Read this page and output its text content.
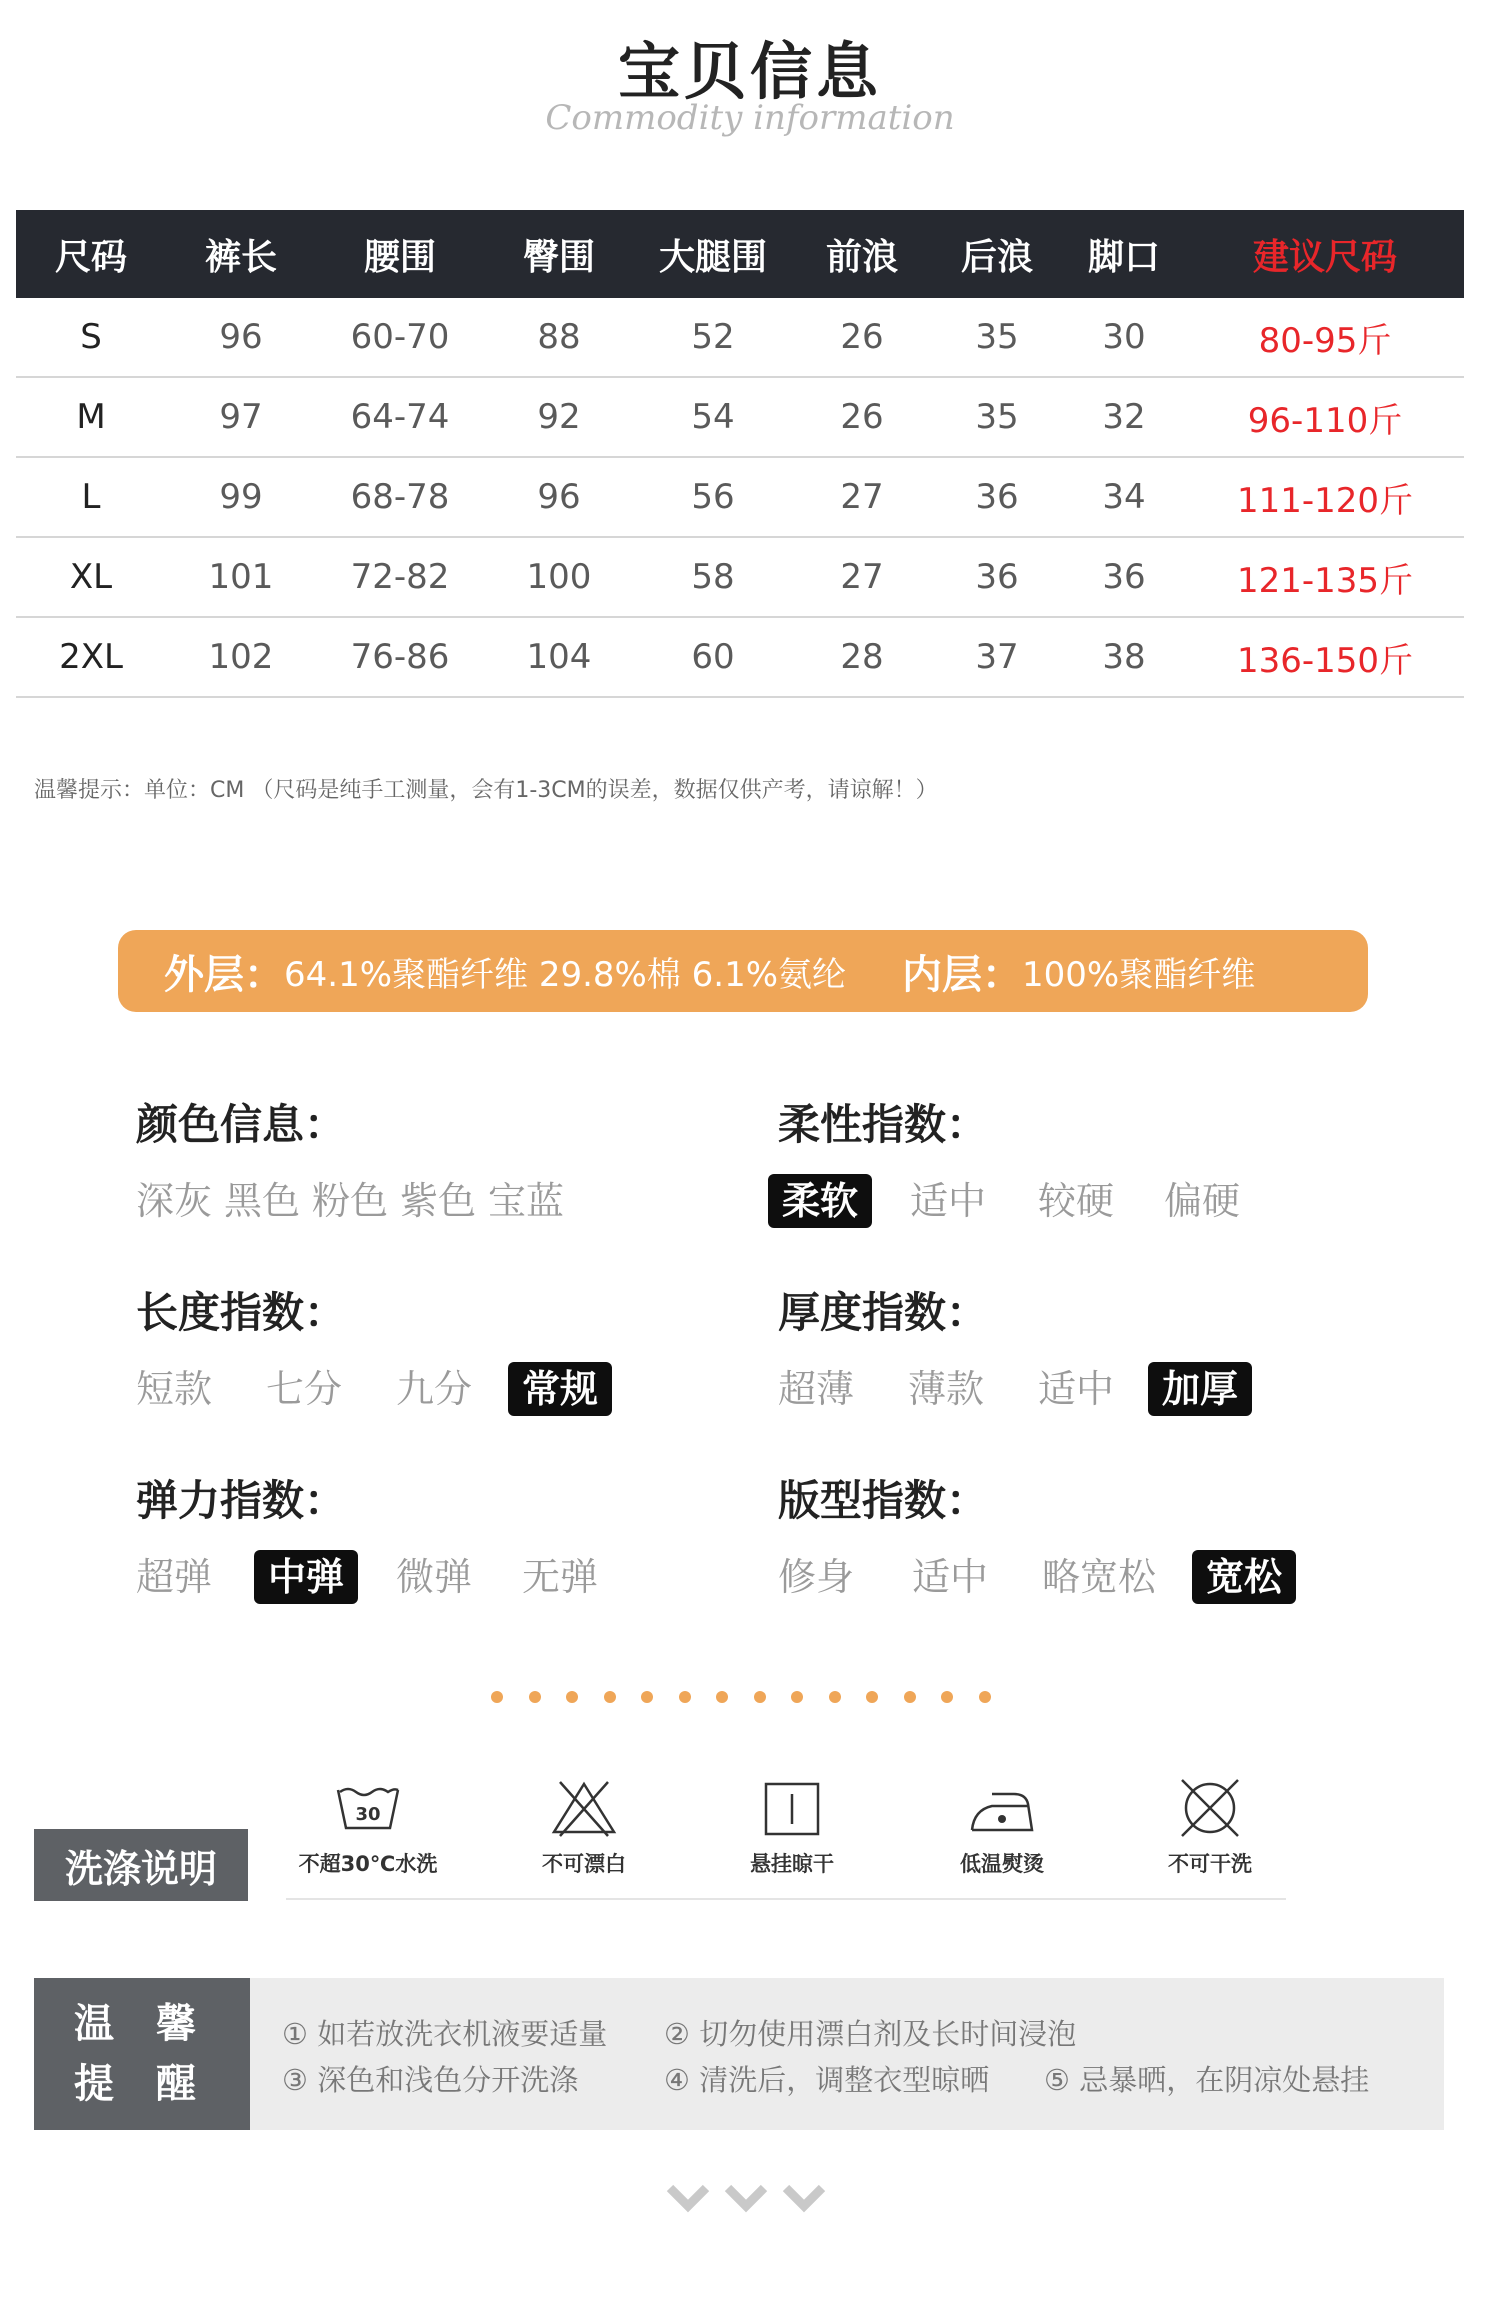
宝贝信息
Commodity information
尺码	裤长	腰围	臀围	大腿围	前浪	后浪	脚口	建议尺码
S	96	60-70	88	52	26	35	30	80-95斤
M	97	64-74	92	54	26	35	32	96-110斤
L	99	68-78	96	56	27	36	34	111-120斤
XL	101	72-82	100	58	27	36	36	121-135斤
2XL	102	76-86	104	60	28	37	38	136-150斤
温馨提示：单位：CM （尺码是纯手工测量，会有1-3CM的误差，数据仅供产考，请谅解！）
外层： 64.1%聚酯纤维 29.8%棉 6.1%氨纶 内层： 100%聚酯纤维
颜色信息：
深灰 黑色 粉色 紫色 宝蓝
柔性指数：
柔软	适中 较硬 偏硬
长度指数：
短款 七分 九分	常规
厚度指数：
超薄 薄款 适中	加厚
弹力指数：
超弹	中弹	微弹 无弹
版型指数：
修身 适中 略宽松	宽松
洗涤说明
30
不超30℃水洗	不可漂白	悬挂晾干	低温熨烫	不可干洗
温 馨
提 醒
① 如若放洗衣机液要适量 ② 切勿使用漂白剂及长时间浸泡
③ 深色和浅色分开洗涤	④ 清洗后，调整衣型晾晒 ⑤ 忌暴晒，在阴凉处悬挂
